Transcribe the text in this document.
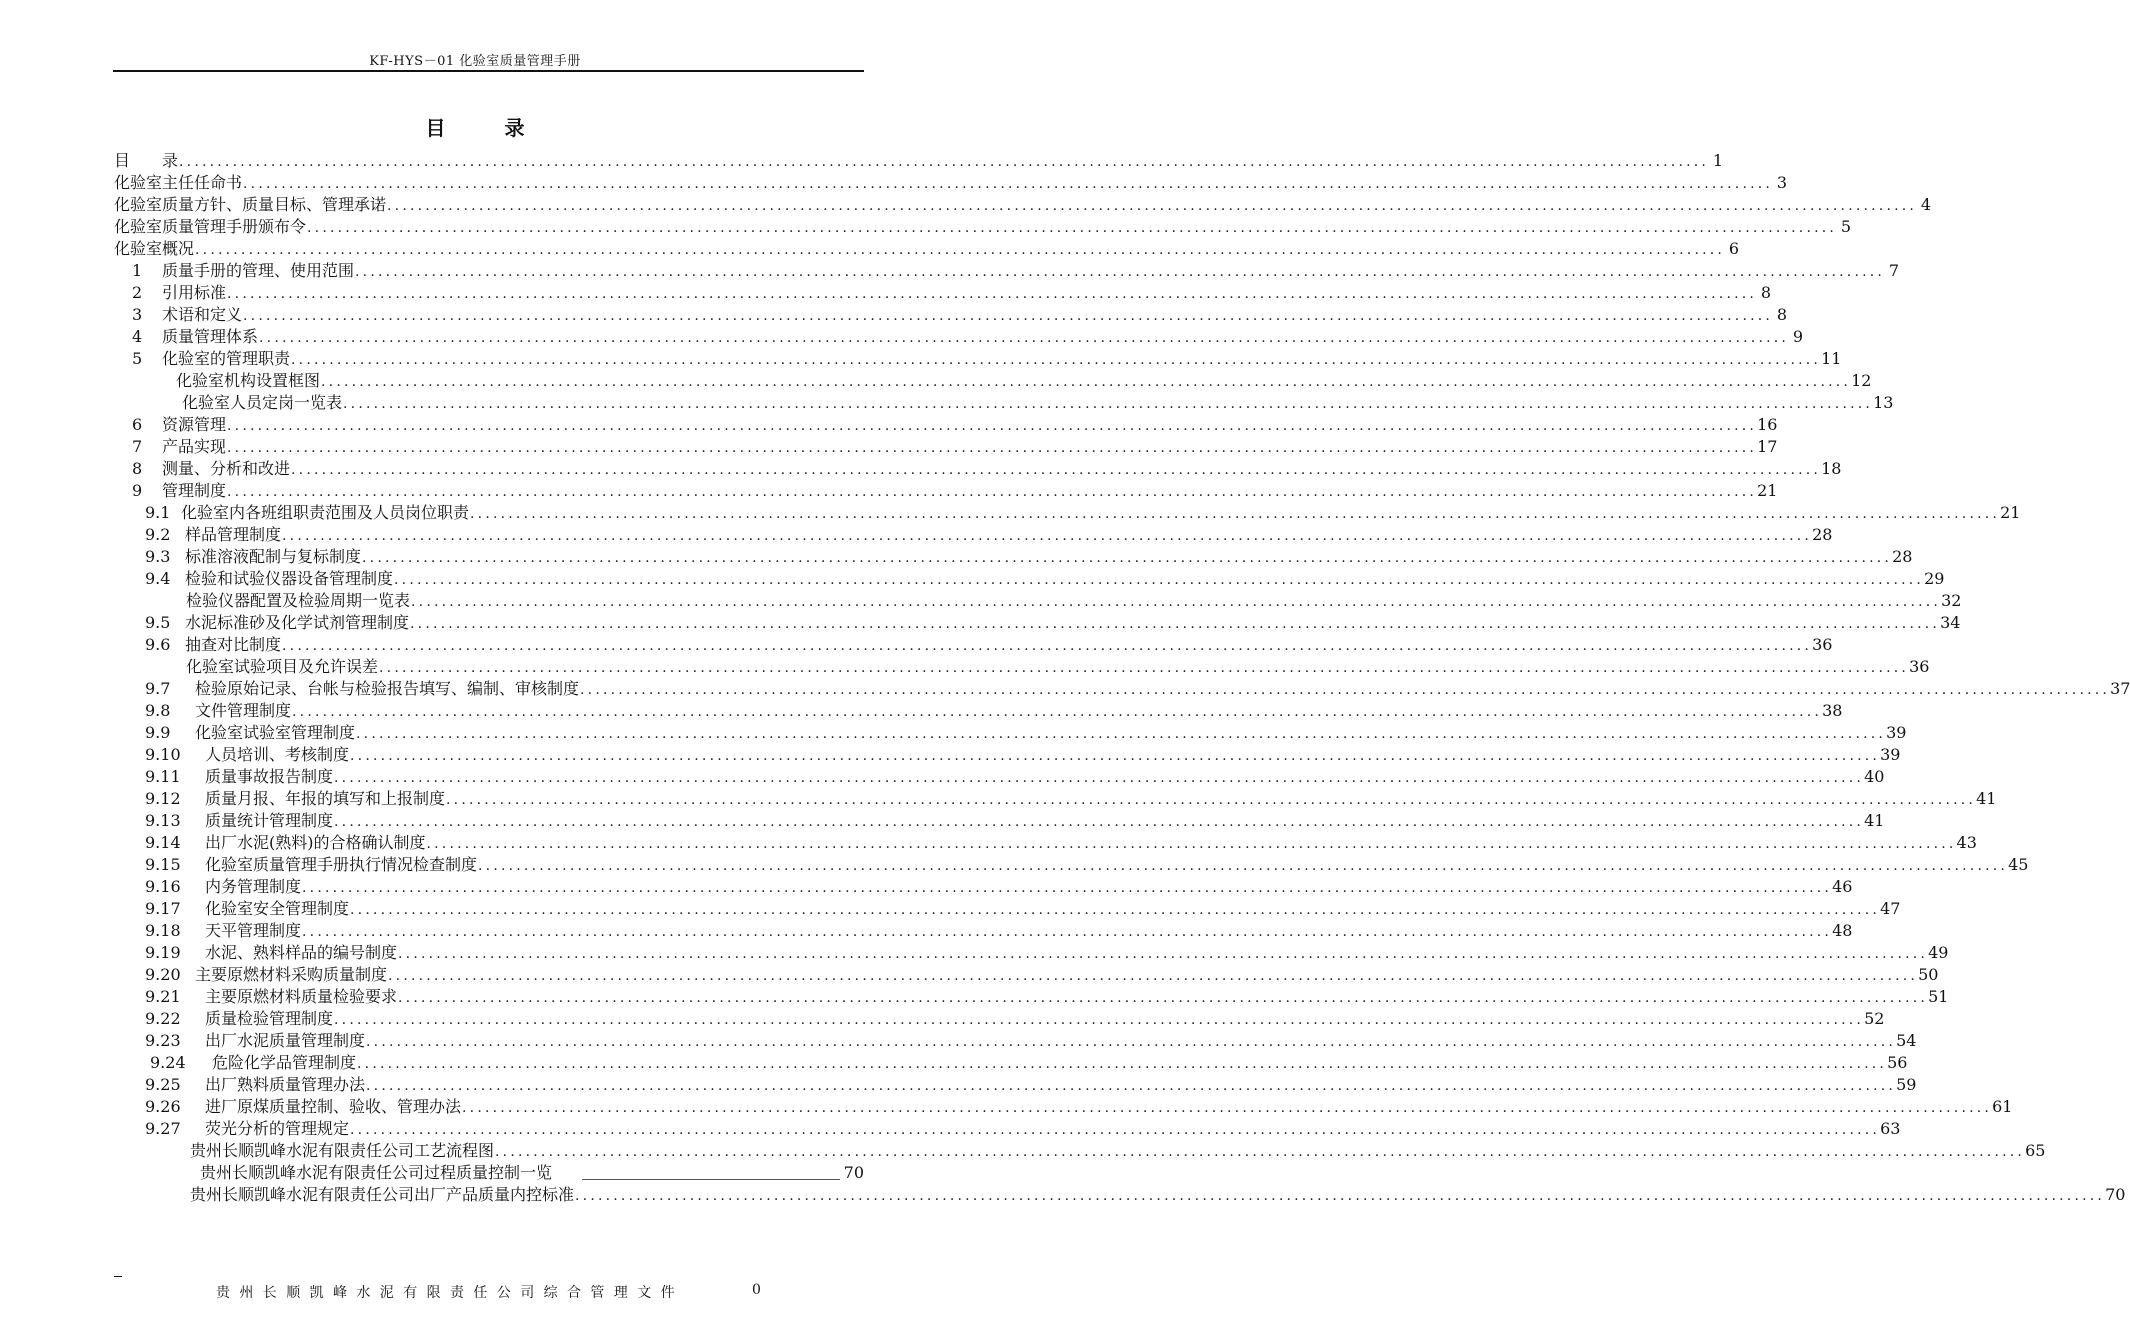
KF-HYS－01 化验室质量管理手册
目 录
目　　录 ........................................................................................................................................................................................................ 1
化验室主任任命书 ........................................................................................................................................................................................................ 3
化验室质量方针、质量目标、管理承诺 ........................................................................................................................................................................................................ 4
化验室质量管理手册颁布令 ........................................................................................................................................................................................................ 5
化验室概况 ........................................................................................................................................................................................................ 6
1	质量手册的管理、使用范围 ........................................................................................................................................................................................................ 7
2	引用标准 ........................................................................................................................................................................................................ 8
3	术语和定义 ........................................................................................................................................................................................................ 8
4	质量管理体系 ........................................................................................................................................................................................................ 9
5	化验室的管理职责 ........................................................................................................................................................................................................ 11
化验室机构设置框图 ........................................................................................................................................................................................................ 12
化验室人员定岗一览表 ........................................................................................................................................................................................................ 13
6	资源管理 ........................................................................................................................................................................................................ 16
7	产品实现 ........................................................................................................................................................................................................ 17
8	测量、分析和改进 ........................................................................................................................................................................................................ 18
9	管理制度 ........................................................................................................................................................................................................ 21
9.1 化验室内各班组职责范围及人员岗位职责 ........................................................................................................................................................................................................ 21
9.2 样品管理制度 ........................................................................................................................................................................................................ 28
9.3 标准溶液配制与复标制度 ........................................................................................................................................................................................................ 28
9.4 检验和试验仪器设备管理制度 ........................................................................................................................................................................................................ 29
检验仪器配置及检验周期一览表 ........................................................................................................................................................................................................ 32
9.5 水泥标准砂及化学试剂管理制度 ........................................................................................................................................................................................................ 34
9.6 抽查对比制度 ........................................................................................................................................................................................................ 36
化验室试验项目及允许误差 ........................................................................................................................................................................................................ 36
9.7	检验原始记录、台帐与检验报告填写、编制、审核制度 ........................................................................................................................................................................................................ 37
9.8	文件管理制度 ........................................................................................................................................................................................................ 38
9.9	化验室试验室管理制度 ........................................................................................................................................................................................................ 39
9.10	人员培训、考核制度 ........................................................................................................................................................................................................ 39
9.11	质量事故报告制度 ........................................................................................................................................................................................................ 40
9.12	质量月报、年报的填写和上报制度 ........................................................................................................................................................................................................ 41
9.13	质量统计管理制度 ........................................................................................................................................................................................................ 41
9.14	出厂水泥(熟料)的合格确认制度 ........................................................................................................................................................................................................ 43
9.15	化验室质量管理手册执行情况检查制度 ........................................................................................................................................................................................................ 45
9.16	内务管理制度 ........................................................................................................................................................................................................ 46
9.17	化验室安全管理制度 ........................................................................................................................................................................................................ 47
9.18	天平管理制度 ........................................................................................................................................................................................................ 48
9.19	水泥、熟料样品的编号制度 ........................................................................................................................................................................................................ 49
9.20 主要原燃材料采购质量制度 ........................................................................................................................................................................................................ 50
9.21	主要原燃材料质量检验要求 ........................................................................................................................................................................................................ 51
9.22	质量检验管理制度 ........................................................................................................................................................................................................ 52
9.23	出厂水泥质量管理制度 ........................................................................................................................................................................................................ 54
9.24	危险化学品管理制度 ........................................................................................................................................................................................................ 56
9.25	出厂熟料质量管理办法 ........................................................................................................................................................................................................ 59
9.26	进厂原煤质量控制、验收、管理办法 ........................................................................................................................................................................................................ 61
9.27	荧光分析的管理规定 ........................................................................................................................................................................................................ 63
贵州长顺凯峰水泥有限责任公司工艺流程图 ........................................................................................................................................................................................................ 65
贵州长顺凯峰水泥有限责任公司过程质量控制一览	70
贵州长顺凯峰水泥有限责任公司出厂产品质量内控标准 ........................................................................................................................................................................................................ 70
贵州长顺凯峰水泥有限责任公司综合管理文件	0
